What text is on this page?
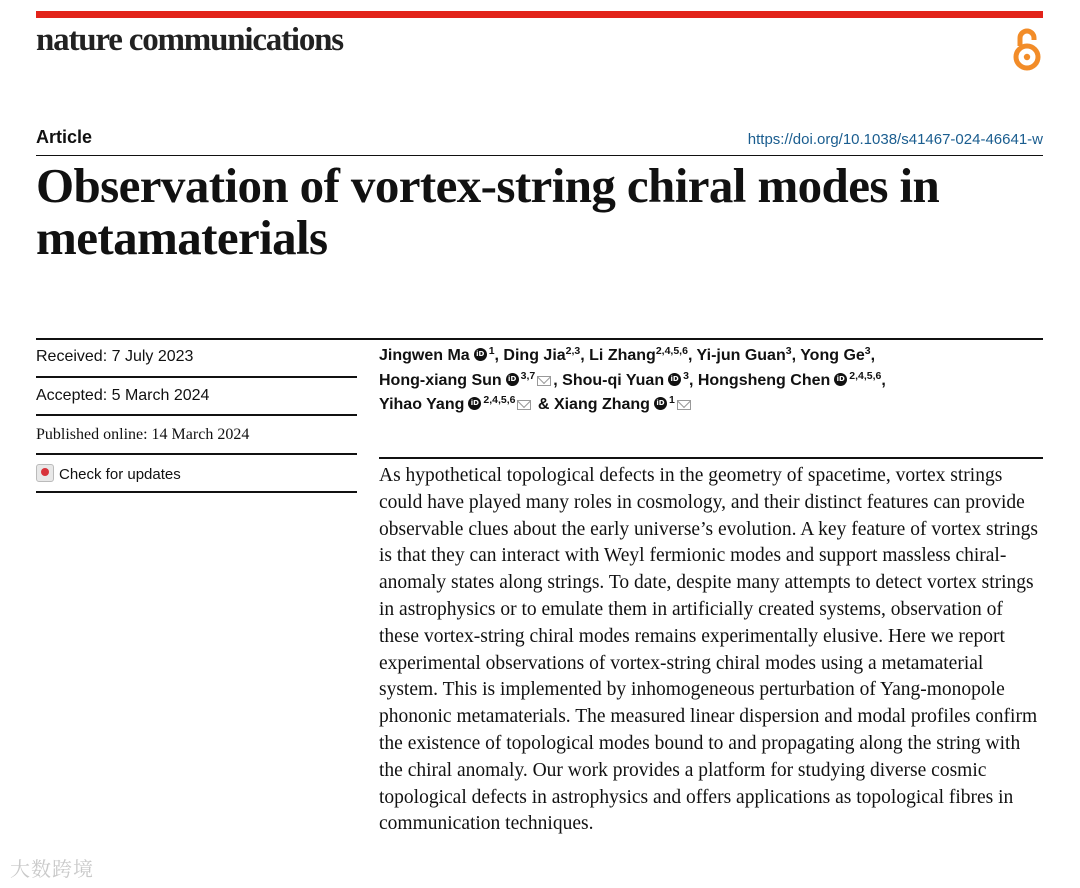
nature communications
Article	https://doi.org/10.1038/s41467-024-46641-w
Observation of vortex-string chiral modes in metamaterials
Received: 7 July 2023
Accepted: 5 March 2024
Published online: 14 March 2024
Check for updates
Jingwen Ma iD $^1$, Ding Jia$^{2,3}$, Li Zhang$^{2,4,5,6}$, Yi-jun Guan$^3$, Yong Ge$^3$,
Hong-xiang Sun iD $^{3,7}$ , Shou-qi Yuan iD $^3$, Hongsheng Chen iD $^{2,4,5,6}$,
Yihao Yang iD $^{2,4,5,6}$ & Xiang Zhang iD $^1$

As hypothetical topological defects in the geometry of spacetime, vortex strings could have played many roles in cosmology, and their distinct features can provide observable clues about the early universe’s evolution. A key feature of vortex strings is that they can interact with Weyl fermionic modes and support massless chiral-anomaly states along strings. To date, despite many attempts to detect vortex strings in astrophysics or to emulate them in artificially created systems, observation of these vortex-string chiral modes remains experimentally elusive. Here we report experimental observations of vortex-string chiral modes using a metamaterial system. This is implemented by inhomogeneous perturbation of Yang-monopole phononic metamaterials. The measured linear dispersion and modal profiles confirm the existence of topological modes bound to and propagating along the string with the chiral anomaly. Our work provides a platform for studying diverse cosmic topological defects in astrophysics and offers applications as topological fibres in communication techniques.

大数跨境
